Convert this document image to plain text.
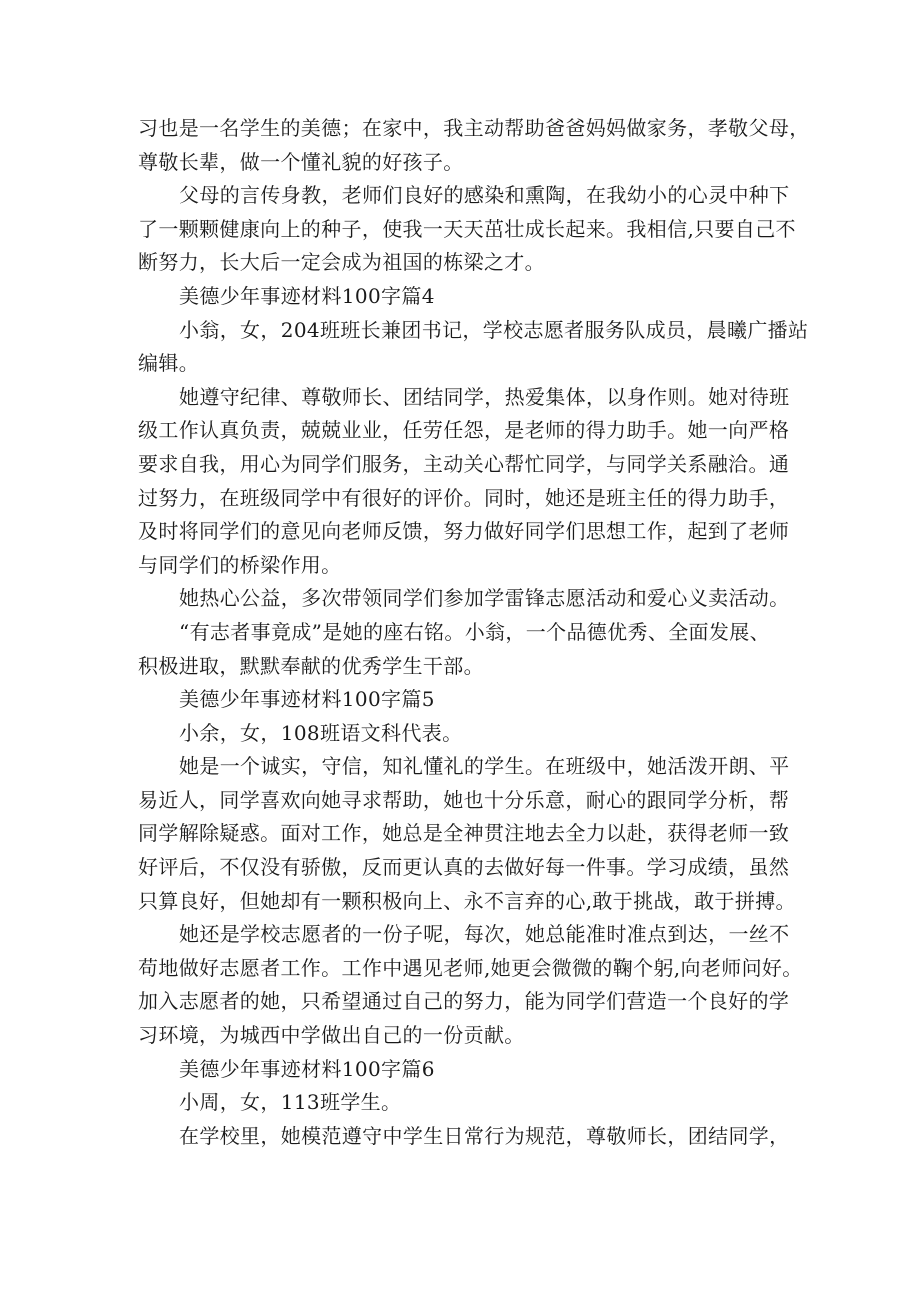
习也是一名学生的美德；在家中，我主动帮助爸爸妈妈做家务，孝敬父母，
尊敬长辈，做一个懂礼貌的好孩子。
父母的言传身教，老师们良好的感染和熏陶，在我幼小的心灵中种下
了一颗颗健康向上的种子，使我一天天茁壮成长起来。我相信,只要自己不
断努力，长大后一定会成为祖国的栋梁之才。
美德少年事迹材料100字篇4
小翁，女，204班班长兼团书记，学校志愿者服务队成员，晨曦广播站
编辑。
她遵守纪律、尊敬师长、团结同学，热爱集体，以身作则。她对待班
级工作认真负责，兢兢业业，任劳任怨，是老师的得力助手。她一向严格
要求自我，用心为同学们服务，主动关心帮忙同学，与同学关系融洽。通
过努力，在班级同学中有很好的评价。同时，她还是班主任的得力助手，
及时将同学们的意见向老师反馈，努力做好同学们思想工作，起到了老师
与同学们的桥梁作用。
她热心公益，多次带领同学们参加学雷锋志愿活动和爱心义卖活动。
“有志者事竟成”是她的座右铭。小翁，一个品德优秀、全面发展、
积极进取，默默奉献的优秀学生干部。
美德少年事迹材料100字篇5
小余，女，108班语文科代表。
她是一个诚实，守信，知礼懂礼的学生。在班级中，她活泼开朗、平
易近人，同学喜欢向她寻求帮助，她也十分乐意，耐心的跟同学分析，帮
同学解除疑惑。面对工作，她总是全神贯注地去全力以赴，获得老师一致
好评后，不仅没有骄傲，反而更认真的去做好每一件事。学习成绩，虽然
只算良好，但她却有一颗积极向上、永不言弃的心,敢于挑战，敢于拼搏。
她还是学校志愿者的一份子呢，每次，她总能准时准点到达，一丝不
苟地做好志愿者工作。工作中遇见老师,她更会微微的鞠个躬,向老师问好。
加入志愿者的她，只希望通过自己的努力，能为同学们营造一个良好的学
习环境，为城西中学做出自己的一份贡献。
美德少年事迹材料100字篇6
小周，女，113班学生。
在学校里，她模范遵守中学生日常行为规范，尊敬师长，团结同学，
